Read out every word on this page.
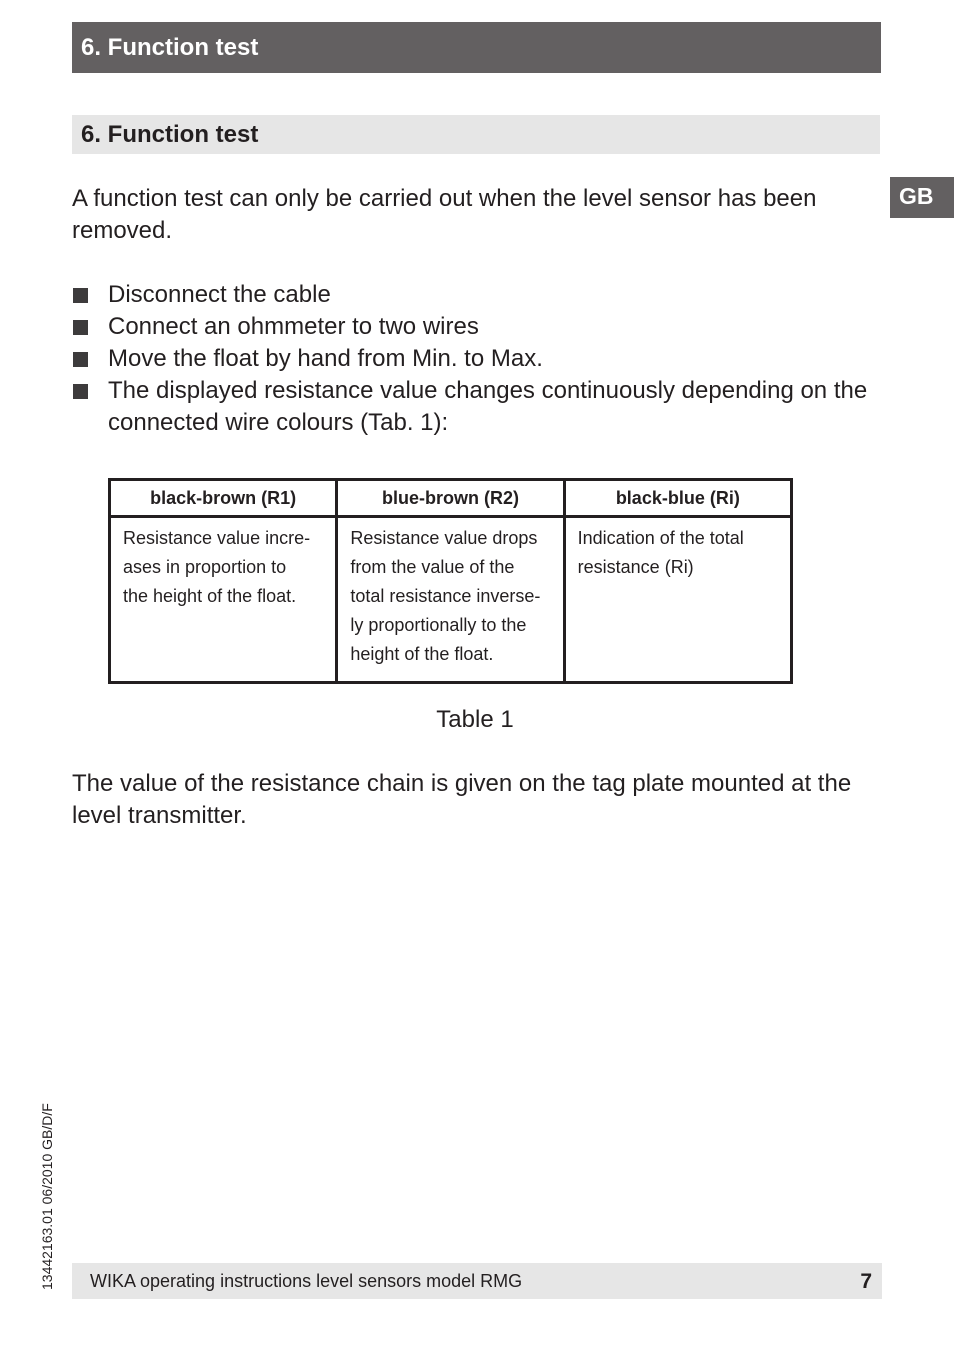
6. Function test
GB
6. Function test

A function test can only be carried out when the level sensor has been removed.

Disconnect the cable
Connect an ohmmeter to two wires
Move the float by hand from Min. to Max.
The displayed resistance value changes continuously depending on the connected wire colours (Tab. 1):
black-brown (R1)	blue-brown (R2)	black-blue (Ri)
Resistance value incre-
ases in proportion to
the height of the float.	Resistance value drops
from the value of the
total resistance inverse-
ly proportionally to the
height of the float.	Indication of the total
resistance (Ri)
Table 1

The value of the resistance chain is given on the tag plate mounted at the level transmitter.

13442163.01 06/2010 GB/D/F WIKA operating instructions level sensors model RMG	7
